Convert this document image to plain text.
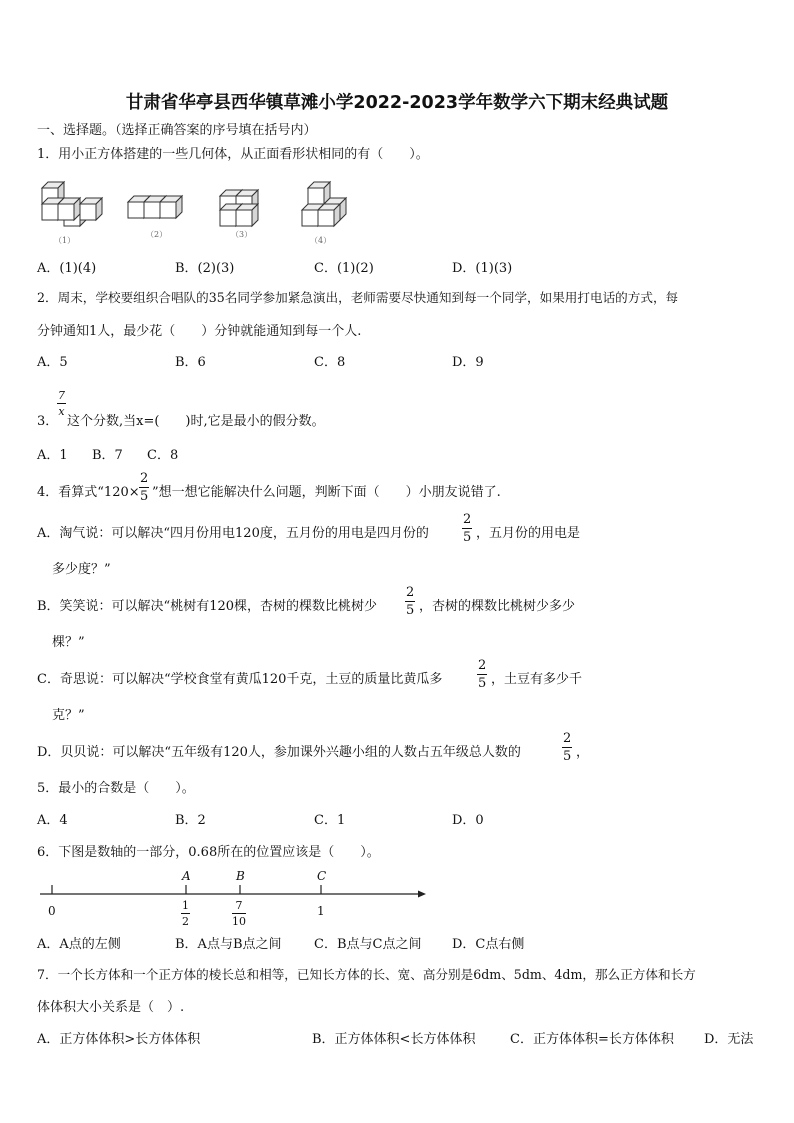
甘肃省华亭县西华镇草滩小学2022-2023学年数学六下期末经典试题
一、选择题。（选择正确答案的序号填在括号内）
1．用小正方体搭建的一些几何体，从正面看形状相同的有（　　）。
（1）
（2）	（3）
（4）
A．(1)(4)	B．(2)(3)	C．(1)(2)	D．(1)(3)
2．周末，学校要组织合唱队的35名同学参加紧急演出，老师需要尽快通知到每一个同学，如果用打电话的方式，每
分钟通知1人，最少花（　　）分钟就能通知到每一个人.
A．5	B．6	C．8	D．9
3．
7
x
这个分数,当x=(　　)时,它是最小的假分数。
A．1 B．7 C．8
4．看算式“120×
2
5 ”想一想它能解决什么问题，判断下面（　　）小朋友说错了.
A．淘气说：可以解决“四月份用电120度，五月份的用电是四月份的
2
5 ，五月份的用电是
多少度？”
B．笑笑说：可以解决“桃树有120棵，杏树的棵数比桃树少
2
5 ，杏树的棵数比桃树少多少
棵？”
C．奇思说：可以解决“学校食堂有黄瓜120千克，土豆的质量比黄瓜多
2
5 ，土豆有多少千
克？”
D．贝贝说：可以解决“五年级有120人，参加课外兴趣小组的人数占五年级总人数的
2
5 ，
5．最小的合数是（　　）。
A．4	B．2	C．1	D．0
6．下图是数轴的一部分，0.68所在的位置应该是（　　）。
A	B	C
0	1
2
7
10
1
A．A点的左侧	B．A点与B点之间	C．B点与C点之间 D．C点右侧
7．一个长方体和一个正方体的棱长总和相等，已知长方体的长、宽、高分别是6dm、5dm、4dm，那么正方体和长方
体体积大小关系是（　）.
A．正方体体积>长方体体积	B．正方体体积<长方体体积	C．正方体体积=长方体体积 D．无法
